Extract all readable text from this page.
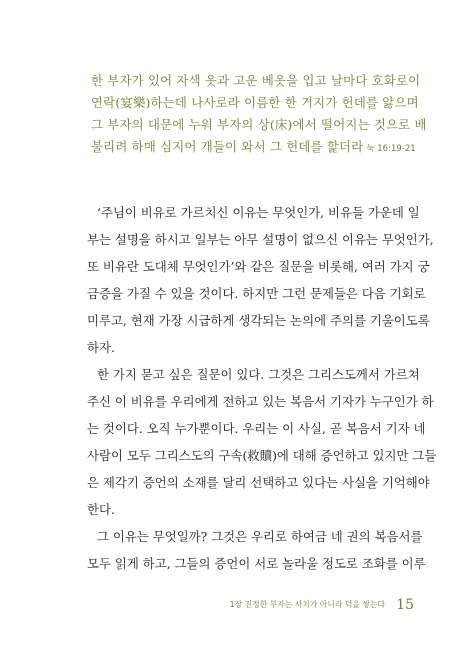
한 부자가 있어 자색 옷과 고운 베옷을 입고 날마다 호화로이
연락(宴樂)하는데 나사로라 이름한 한 거지가 헌데를 앓으며
그 부자의 대문에 누워 부자의 상(床)에서 떨어지는 것으로 배
불리려 하매 심지어 개들이 와서 그 헌데를 핥더라 눅 16:19-21
‘주님이 비유로 가르치신 이유는 무엇인가, 비유들 가운데 일
부는 설명을 하시고 일부는 아무 설명이 없으신 이유는 무엇인가,
또 비유란 도대체 무엇인가’와 같은 질문을 비롯해, 여러 가지 궁
금증을 가질 수 있을 것이다. 하지만 그런 문제들은 다음 기회로
미루고, 현재 가장 시급하게 생각되는 논의에 주의를 기울이도록
하자.
한 가지 묻고 싶은 질문이 있다. 그것은 그리스도께서 가르쳐
주신 이 비유를 우리에게 전하고 있는 복음서 기자가 누구인가 하
는 것이다. 오직 누가뿐이다. 우리는 이 사실, 곧 복음서 기자 네
사람이 모두 그리스도의 구속(救贖)에 대해 증언하고 있지만 그들
은 제각기 증언의 소재를 달리 선택하고 있다는 사실을 기억해야
한다.
그 이유는 무엇일까? 그것은 우리로 하여금 네 권의 복음서를
모두 읽게 하고, 그들의 증언이 서로 놀라울 정도로 조화를 이루
1장 진정한 부자는 사치가 아니라 덕을 쌓는다 15
